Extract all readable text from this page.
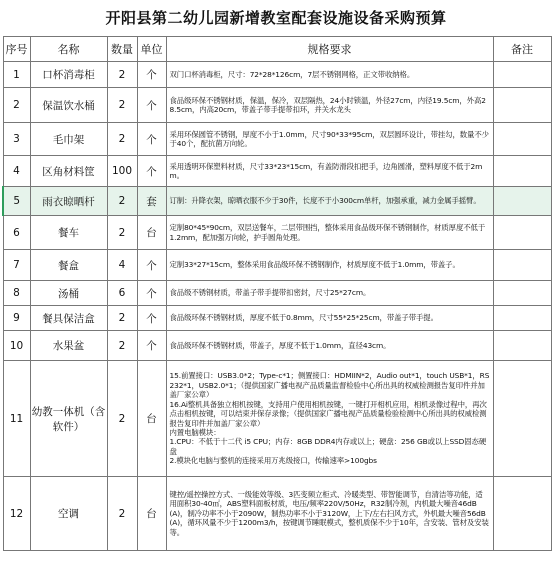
开阳县第二幼儿园新增教室配套设施设备采购预算
序号	名称	数量	单位	规格要求	备注
1	口杯消毒柜	2	个	双门口杯消毒柜，尺寸：72*28*126cm，7层不锈钢网格，正文带收纳格。	
2	保温饮水桶	2	个	食品级环保不锈钢材质，保温，保冷，双层隔热，24小时锁温，外径27cm，内径19.5cm，外高28.5cm，内高20cm，带盖子带手提带扣环，并关水龙头	
3	毛巾架	2	个	采用环保圆管不锈钢，厚度不小于1.0mm，尺寸90*33*95cm，双层圆环设计，带挂勾，数量不少于40个，配抗菌万向轮。	
4	区角材料筐	100	个	采用透明环保塑料材质，尺寸33*23*15cm，有盖防滑段扣把手，边角圆滑，塑料厚度不低于2mm。	
5	雨衣晾晒杆	2	套	订制：升降衣架，晾晒衣服不少于30件，长度不于小300cm单杆，加强承重，减力金属手摇臂。	
6	餐车	2	台	定制80*45*90cm，双层送餐车，二层带围挡，整体采用食品级环保不锈钢制作，材质厚度不低于1.2mm，配加强万向轮，护手圆角处理。	
7	餐盒	4	个	定制33*27*15cm，整体采用食品级环保不锈钢制作，材质厚度不低于1.0mm，带盖子。	
8	汤桶	6	个	食品级不锈钢材质，带盖子带手提带扣密封，尺寸25*27cm。	
9	餐具保洁盒	2	个	食品级环保不锈钢材质，厚度不低于0.8mm，尺寸55*25*25cm，带盖子带手提。	
10	水果盆	2	个	食品级环保不锈钢材质，带盖子，厚度不低于1.0mm，直径43cm。	
11	幼教一体机（含软件）	2	台	15.前置接口：USB3.0*2；Type-c*1；侧置接口：HDMIIN*2，Audio out*1，touch USB*1，RS232*1，USB2.0*1；（提供国家广播电视产品质量监督检验中心所出具的权威检测报告复印件并加盖厂家公章）
16.Ai整机具备独立相机按键，支持用户使用相机按键，一键打开相机应用，相机录像过程中，再次点击相机按键，可以结束并保存录像；（提供国家广播电视产品质量检验检测中心所出具的权威检测报告复印件并加盖厂家公章）
内置电脑模块：
1.CPU：不低于十二代 i5 CPU；内存：8GB DDR4内存或以上；硬盘：256 GB或以上SSD固态硬盘
2.模块化电脑与整机的连接采用万兆级接口，传输速率>100gbs	
12	空调	2	台	键控/遥控操控方式、一级能效等级、3匹变频立柜式、冷暖类型、带智能调节，自清洁等功能，适用面积30-40㎡，ABS塑料面板材质，电压/频率220V/50Hz，R32制冷剂，内机最大噪音46dB(A)，制冷功率不小于2090W，制热功率不小于3120W，上下/左右扫风方式，外机最大噪音56dB(A)，循环风量不少于1200m3/h，按键调节睡眠模式，整机质保不少于10年，含安装、管材及安装等。	
